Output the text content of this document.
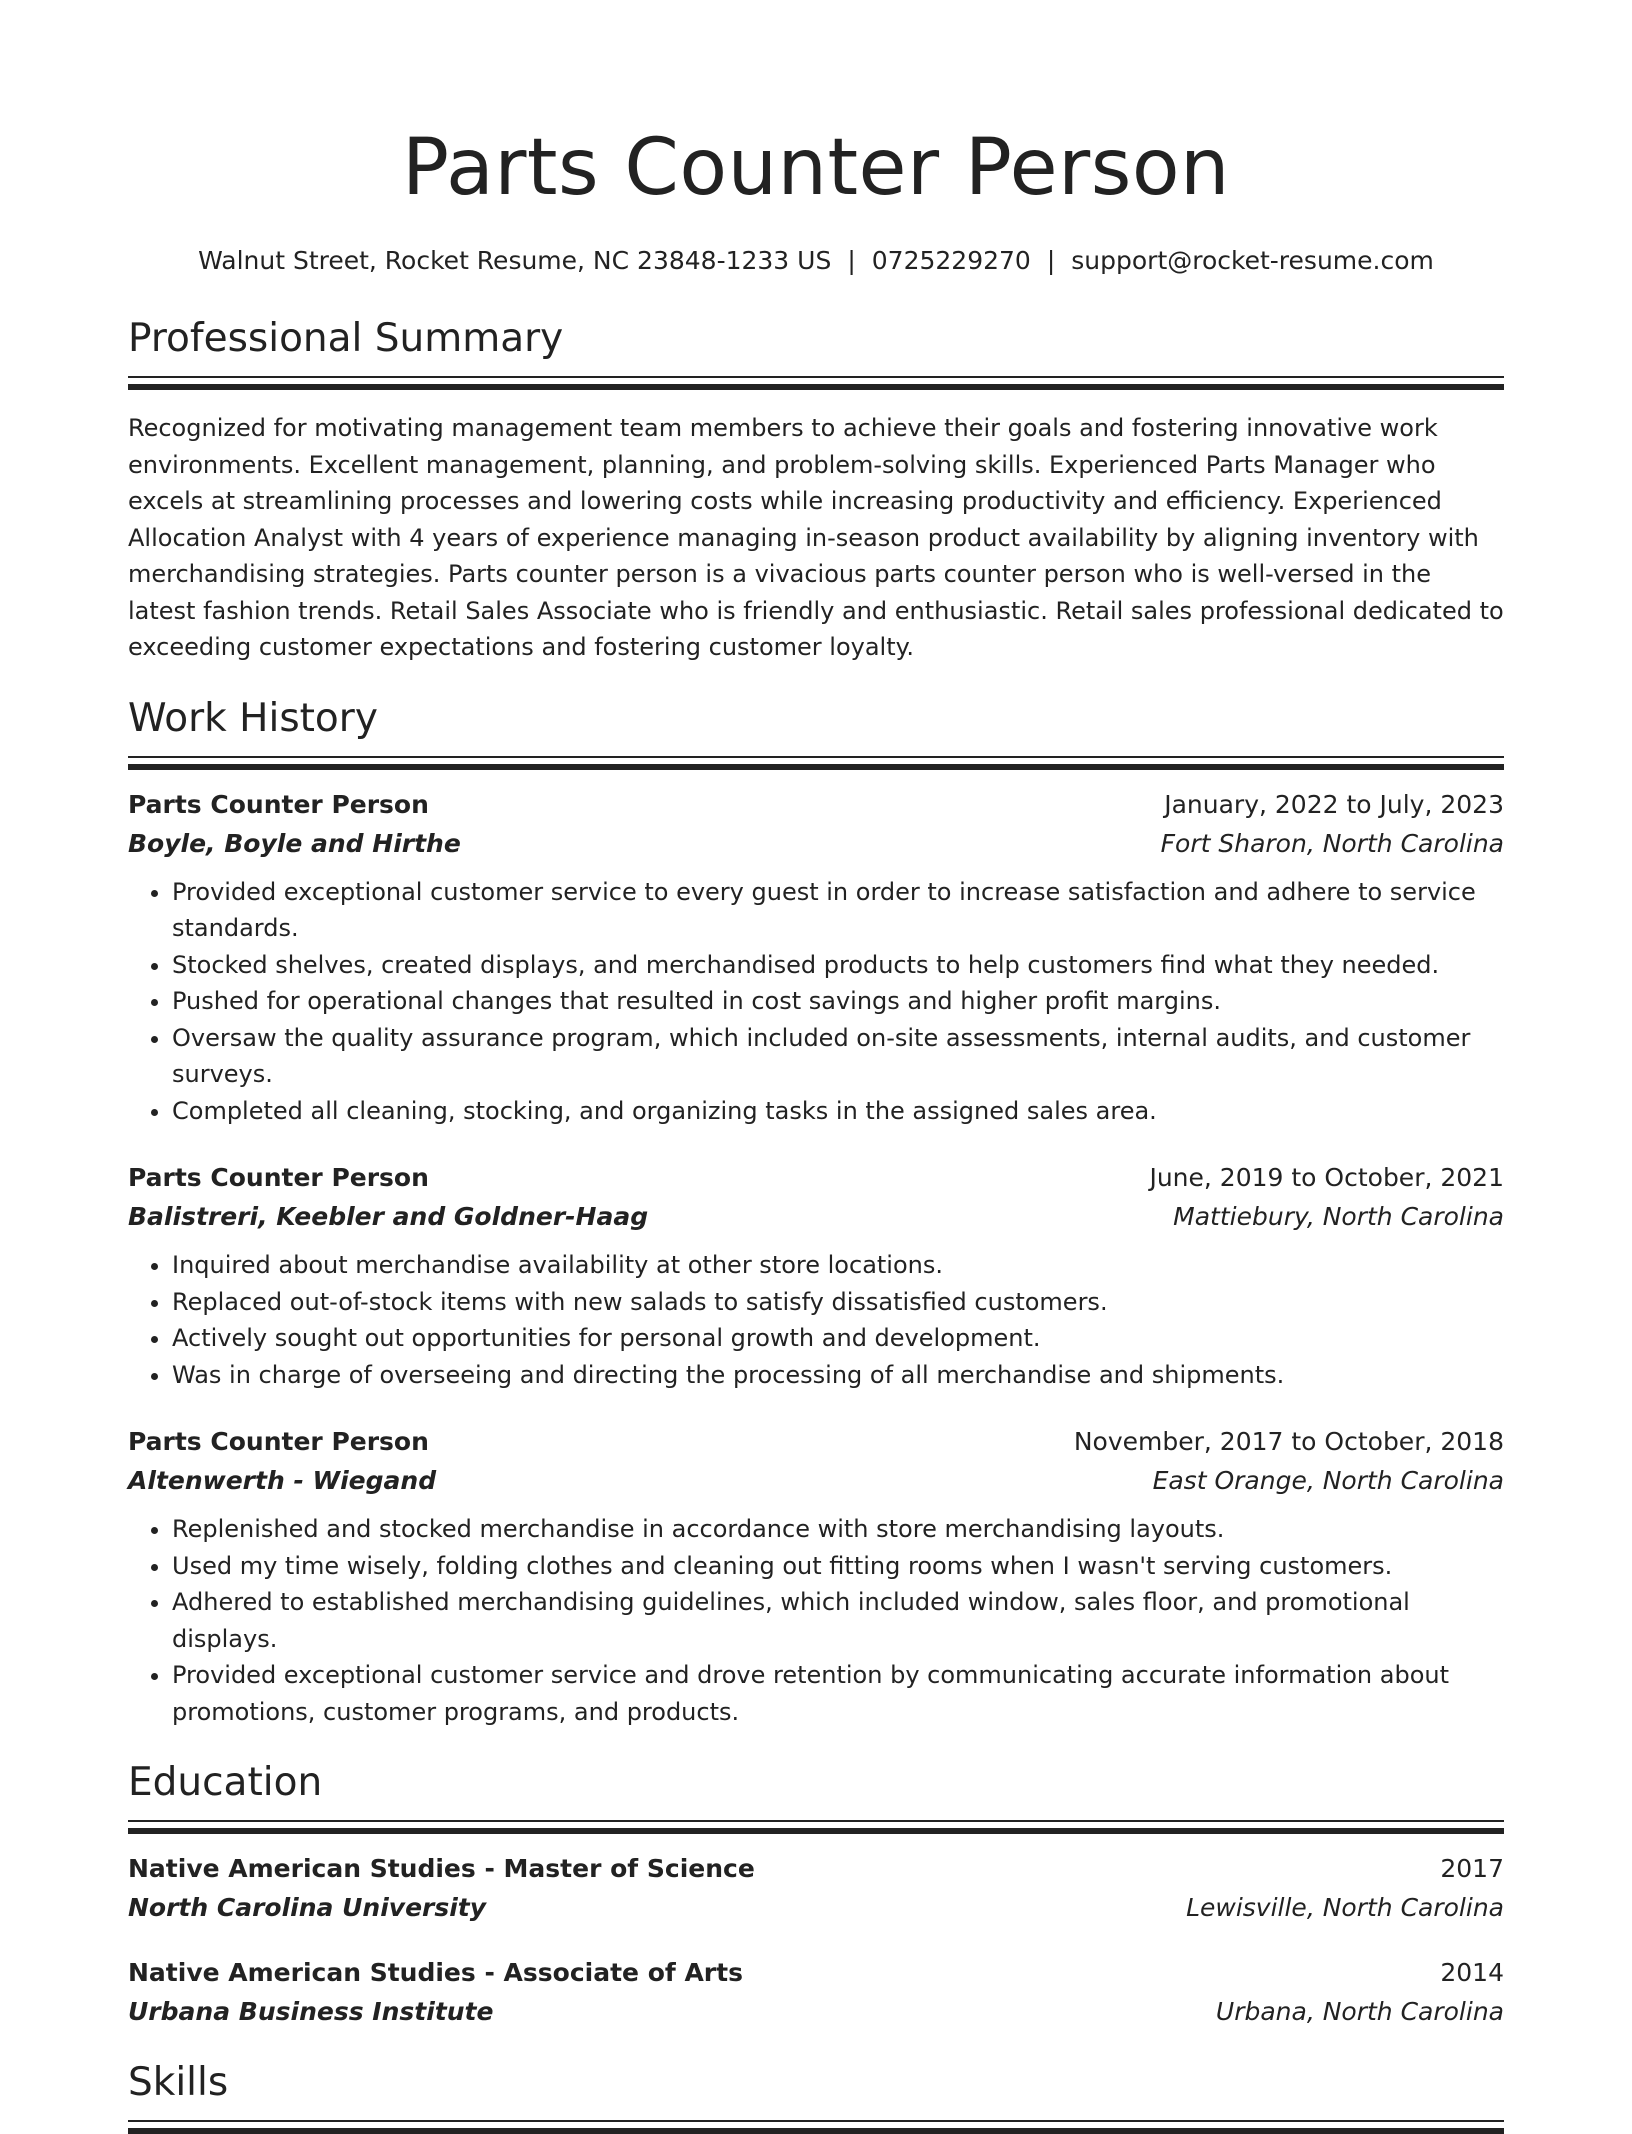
Parts Counter Person
Walnut Street, Rocket Resume, NC 23848-1233 US | 0725229270 | support@rocket-resume.com
Professional Summary

Recognized for motivating management team members to achieve their goals and fostering innovative work environments. Excellent management, planning, and problem-solving skills. Experienced Parts Manager who excels at streamlining processes and lowering costs while increasing productivity and efficiency. Experienced Allocation Analyst with 4 years of experience managing in-season product availability by aligning inventory with merchandising strategies. Parts counter person is a vivacious parts counter person who is well-versed in the latest fashion trends. Retail Sales Associate who is friendly and enthusiastic. Retail sales professional dedicated to exceeding customer expectations and fostering customer loyalty.

Work History
Parts Counter Person	January, 2022 to July, 2023
Boyle, Boyle and Hirthe	Fort Sharon, North Carolina
• Provided exceptional customer service to every guest in order to increase satisfaction and adhere to service standards.
• Stocked shelves, created displays, and merchandised products to help customers find what they needed.
• Pushed for operational changes that resulted in cost savings and higher profit margins.
• Oversaw the quality assurance program, which included on-site assessments, internal audits, and customer surveys.
• Completed all cleaning, stocking, and organizing tasks in the assigned sales area.
Parts Counter Person	June, 2019 to October, 2021
Balistreri, Keebler and Goldner-Haag	Mattiebury, North Carolina
• Inquired about merchandise availability at other store locations.
• Replaced out-of-stock items with new salads to satisfy dissatisfied customers.
• Actively sought out opportunities for personal growth and development.
• Was in charge of overseeing and directing the processing of all merchandise and shipments.
Parts Counter Person	November, 2017 to October, 2018
Altenwerth - Wiegand	East Orange, North Carolina
• Replenished and stocked merchandise in accordance with store merchandising layouts.
• Used my time wisely, folding clothes and cleaning out fitting rooms when I wasn't serving customers.
• Adhered to established merchandising guidelines, which included window, sales floor, and promotional displays.
• Provided exceptional customer service and drove retention by communicating accurate information about promotions, customer programs, and products.
Education
Native American Studies - Master of Science	2017
North Carolina University	Lewisville, North Carolina
Native American Studies - Associate of Arts	2014
Urbana Business Institute	Urbana, North Carolina
Skills
